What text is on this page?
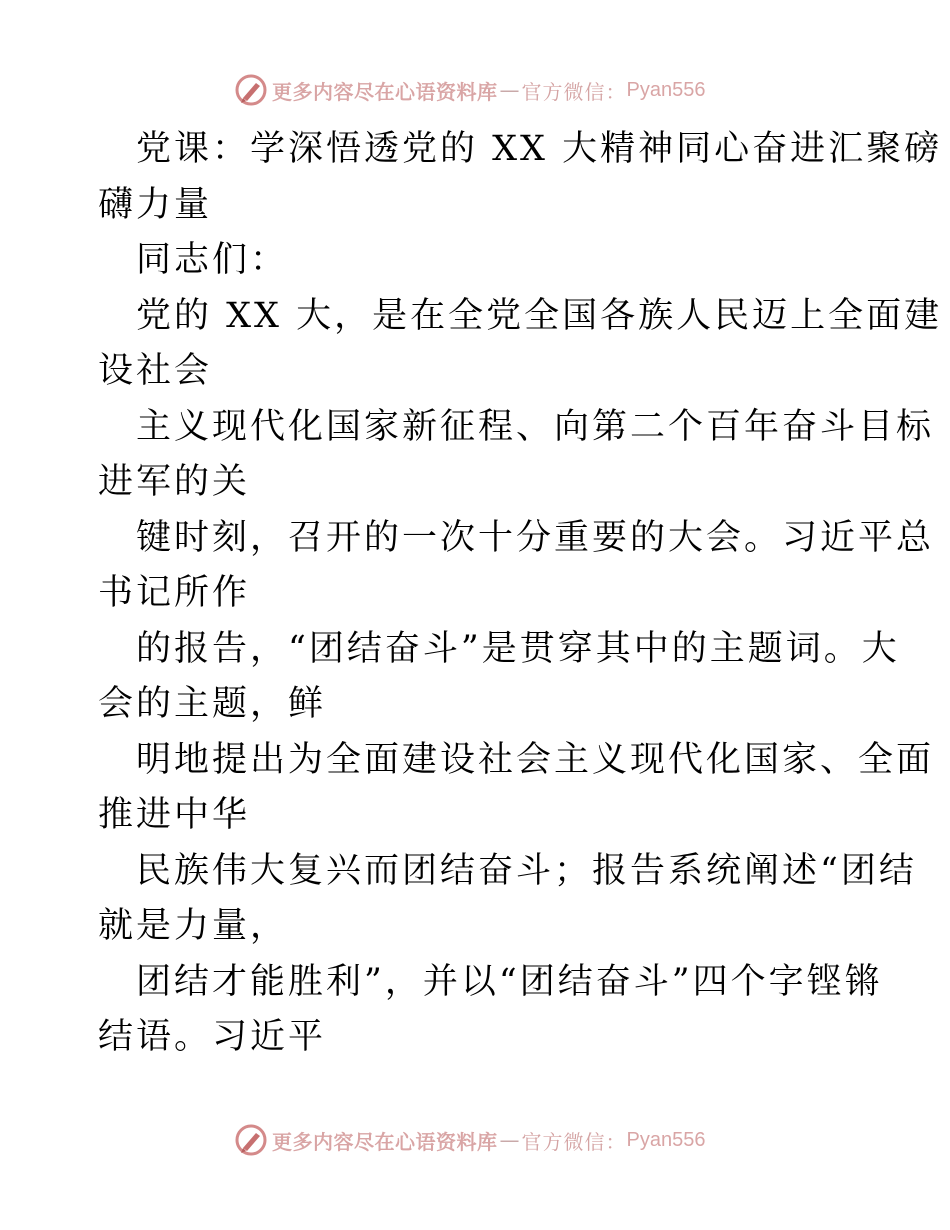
更多内容尽在心语资料库 — 官方微信： Pyan556
党课：学深悟透党的 XX 大精神同心奋进汇聚磅
礴力量
同志们：
党的 XX 大，是在全党全国各族人民迈上全面建
设社会
主义现代化国家新征程、向第二个百年奋斗目标
进军的关
键时刻，召开的一次十分重要的大会。习近平总
书记所作
的报告，“团结奋斗”是贯穿其中的主题词。大
会的主题，鲜
明地提出为全面建设社会主义现代化国家、全面
推进中华
民族伟大复兴而团结奋斗；报告系统阐述“团结
就是力量，
团结才能胜利”，并以“团结奋斗”四个字铿锵
结语。习近平
更多内容尽在心语资料库 — 官方微信： Pyan556
